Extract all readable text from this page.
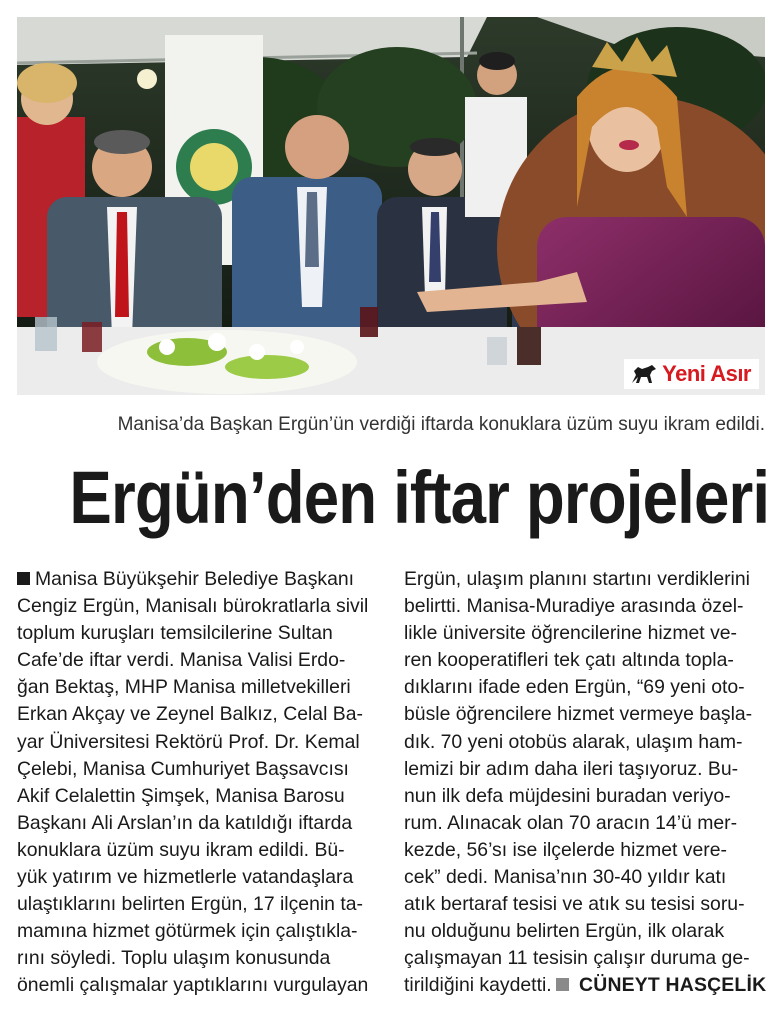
Yeni Asır
Manisa’da Başkan Ergün’ün verdiği iftarda konuklara üzüm suyu ikram edildi.
Ergün’den iftar projeleri
Manisa Büyükşehir Belediye Başkanı
Cengiz Ergün, Manisalı bürokratlarla sivil
toplum kuruşları temsilcilerine Sultan
Cafe’de iftar verdi. Manisa Valisi Erdo-
ğan Bektaş, MHP Manisa milletvekilleri
Erkan Akçay ve Zeynel Balkız, Celal Ba-
yar Üniversitesi Rektörü Prof. Dr. Kemal
Çelebi, Manisa Cumhuriyet Başsavcısı
Akif Celalettin Şimşek, Manisa Barosu
Başkanı Ali Arslan’ın da katıldığı iftarda
konuklara üzüm suyu ikram edildi. Bü-
yük yatırım ve hizmetlerle vatandaşlara
ulaştıklarını belirten Ergün, 17 ilçenin ta-
mamına hizmet götürmek için çalıştıkla-
rını söyledi. Toplu ulaşım konusunda
önemli çalışmalar yaptıklarını vurgulayan
Ergün, ulaşım planını startını verdiklerini
belirtti. Manisa-Muradiye arasında özel-
likle üniversite öğrencilerine hizmet ve-
ren kooperatifleri tek çatı altında topla-
dıklarını ifade eden Ergün, “69 yeni oto-
büsle öğrencilere hizmet vermeye başla-
dık. 70 yeni otobüs alarak, ulaşım ham-
lemizi bir adım daha ileri taşıyoruz. Bu-
nun ilk defa müjdesini buradan veriyo-
rum. Alınacak olan 70 aracın 14’ü mer-
kezde, 56’sı ise ilçelerde hizmet vere-
cek” dedi. Manisa’nın 30-40 yıldır katı
atık bertaraf tesisi ve atık su tesisi soru-
nu olduğunu belirten Ergün, ilk olarak
çalışmayan 11 tesisin çalışır duruma ge-
tirildiğini kaydetti. CÜNEYT HASÇELİK
